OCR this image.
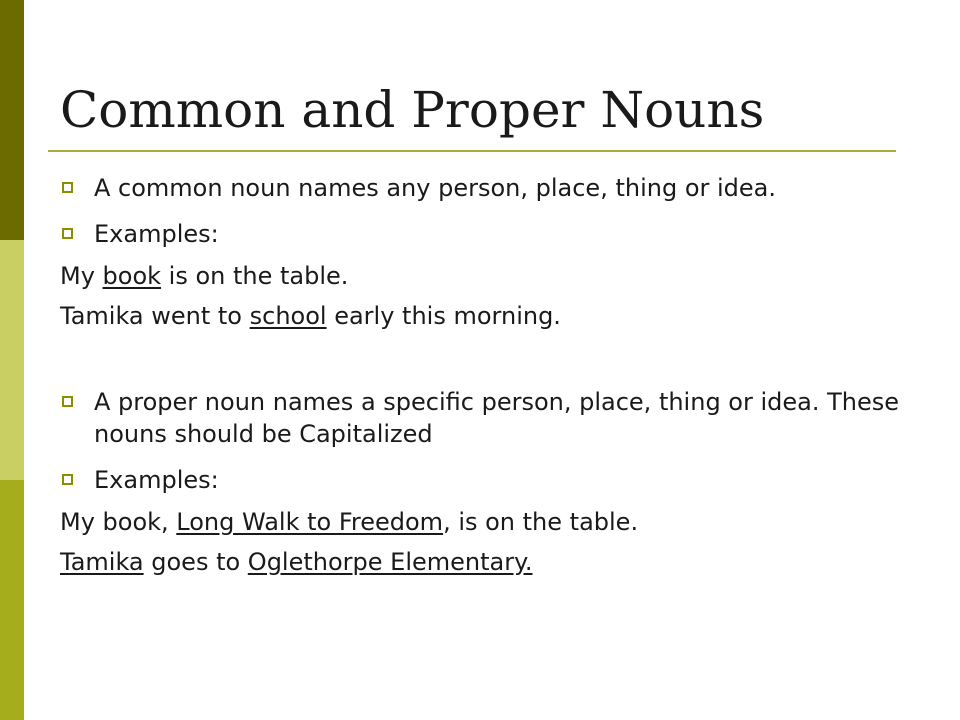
Common and Proper Nouns
A common noun names any person, place, thing or idea.
Examples:
My book is on the table.
Tamika went to school early this morning.
A proper noun names a specific person, place, thing or idea. These nouns should be Capitalized
Examples:
My book, Long Walk to Freedom, is on the table.
Tamika goes to Oglethorpe Elementary.
